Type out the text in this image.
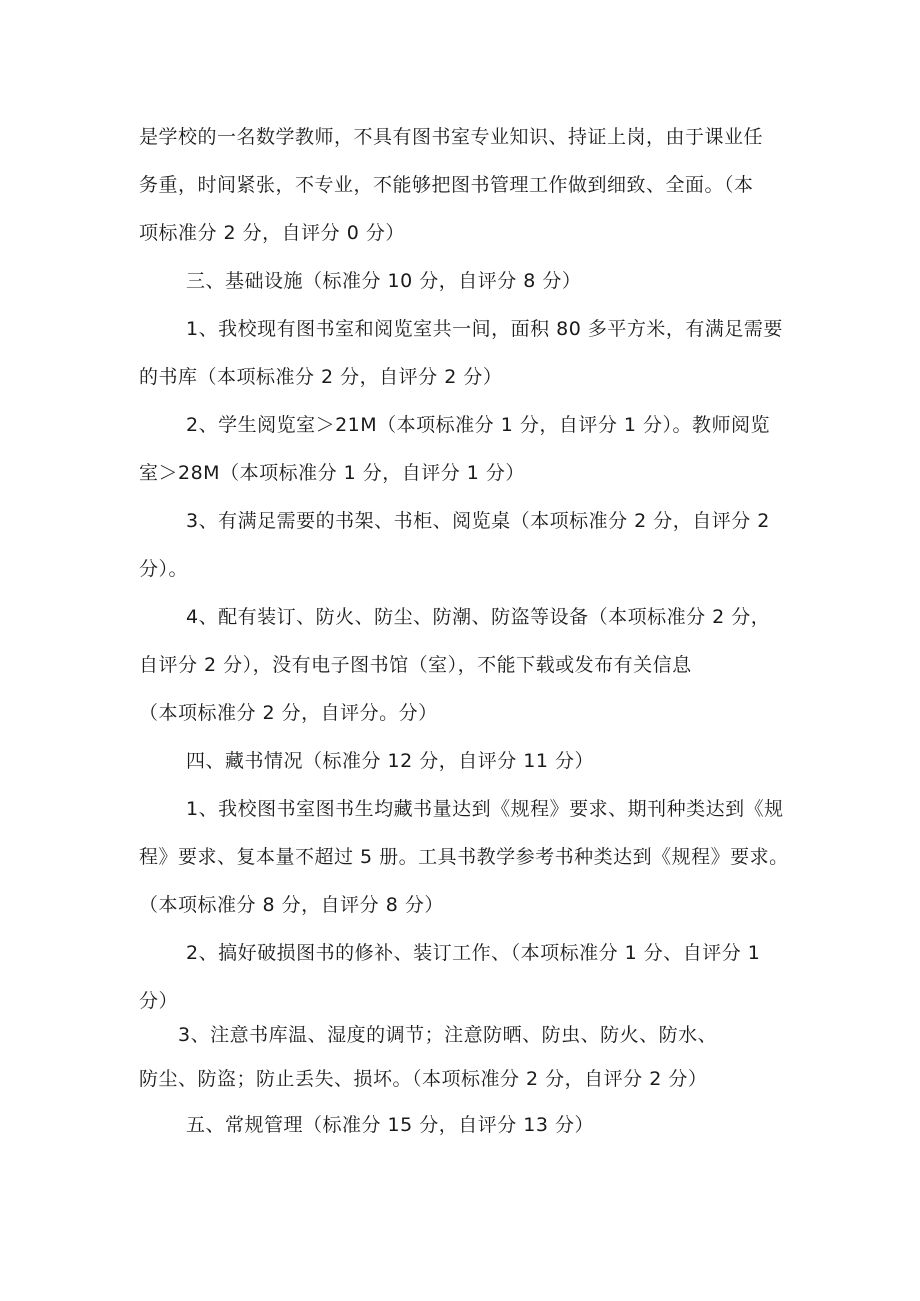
是学校的一名数学教师，不具有图书室专业知识、持证上岗，由于课业任
务重，时间紧张，不专业，不能够把图书管理工作做到细致、全面。（本
项标准分 2 分，自评分 0 分）
三、基础设施（标准分 10 分，自评分 8 分）
1、我校现有图书室和阅览室共一间，面积 80 多平方米，有满足需要
的书库（本项标准分 2 分，自评分 2 分）
2、学生阅览室＞21M（本项标准分 1 分，自评分 1 分）。教师阅览
室＞28M（本项标准分 1 分，自评分 1 分）
3、有满足需要的书架、书柜、阅览桌（本项标准分 2 分，自评分 2
分）。
4、配有装订、防火、防尘、防潮、防盗等设备（本项标准分 2 分，
自评分 2 分），没有电子图书馆（室），不能下载或发布有关信息
（本项标准分 2 分，自评分。分）
四、藏书情况（标准分 12 分，自评分 11 分）
1、我校图书室图书生均藏书量达到《规程》要求、期刊种类达到《规
程》要求、复本量不超过 5 册。工具书教学参考书种类达到《规程》要求。
（本项标准分 8 分，自评分 8 分）
2、搞好破损图书的修补、装订工作、（本项标准分 1 分、自评分 1
分）
3、注意书库温、湿度的调节；注意防晒、防虫、防火、防水、
防尘、防盗；防止丢失、损坏。（本项标准分 2 分，自评分 2 分）
五、常规管理（标准分 15 分，自评分 13 分）
